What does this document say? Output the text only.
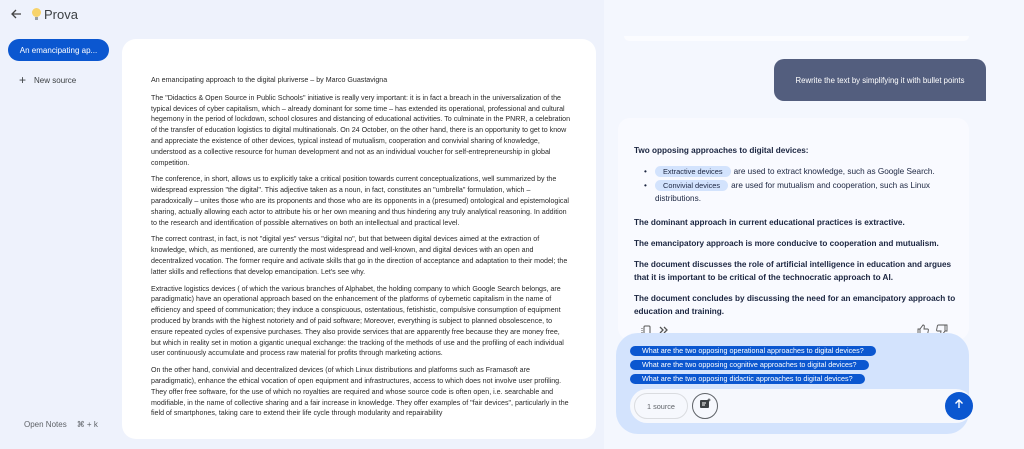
Prova
An emancipating ap...
+ New source
Open Notes ⌘ + k

An emancipating approach to the digital pluriverse – by Marco Guastavigna

The "Didactics & Open Source in Public Schools" initiative is really very important: it is in fact a breach in the universalization of the typical devices of cyber capitalism, which – already dominant for some time – has extended its operational, professional and cultural hegemony in the period of lockdown, school closures and distancing of educational activities. To culminate in the PNRR, a celebration of the transfer of education logistics to digital multinationals. On 24 October, on the other hand, there is an opportunity to get to know and appreciate the existence of other devices, typical instead of mutualism, cooperation and convivial sharing of knowledge, understood as a collective resource for human development and not as an individual voucher for self-entrepreneurship in global competition.

The conference, in short, allows us to explicitly take a critical position towards current conceptualizations, well summarized by the widespread expression "the digital". This adjective taken as a noun, in fact, constitutes an "umbrella" formulation, which – paradoxically – unites those who are its proponents and those who are its opponents in a (presumed) ontological and epistemological sharing, actually allowing each actor to attribute his or her own meaning and thus hindering any truly analytical reasoning. In addition to the research and identification of possible alternatives on both an intellectual and practical level.

The correct contrast, in fact, is not "digital yes" versus "digital no", but that between digital devices aimed at the extraction of knowledge, which, as mentioned, are currently the most widespread and well-known, and digital devices with an open and decentralized vocation. The former require and activate skills that go in the direction of acceptance and adaptation to their model; the latter skills and reflections that develop emancipation. Let's see why.

Extractive logistics devices ( of which the various branches of Alphabet, the holding company to which Google Search belongs, are paradigmatic) have an operational approach based on the enhancement of the platforms of cybernetic capitalism in the name of efficiency and speed of communication; they induce a conspicuous, ostentatious, fetishistic, compulsive consumption of equipment produced by brands with the highest notoriety and of paid software; Moreover, everything is subject to planned obsolescence, to ensure repeated cycles of expensive purchases. They also provide services that are apparently free because they are money free, but which in reality set in motion a gigantic unequal exchange: the tracking of the methods of use and the profiling of each individual user continuously accumulate and process raw material for profits through marketing actions.

On the other hand, convivial and decentralized devices (of which Linux distributions and platforms such as Framasoft are paradigmatic), enhance the ethical vocation of open equipment and infrastructures, access to which does not involve user profiling. They offer free software, for the use of which no royalties are required and whose source code is often open, i.e. searchable and modifiable, in the name of collective sharing and a fair increase in knowledge. They offer examples of "fair devices", particularly in the field of smartphones, taking care to extend their life cycle through modularity and repairability

Rewrite the text by simplifying it with bullet points
Two opposing approaches to digital devices:
• Extractive devices are used to extract knowledge, such as Google Search.
• Convivial devices are used for mutualism and cooperation, such as Linux distributions.
The dominant approach in current educational practices is extractive.
The emancipatory approach is more conducive to cooperation and mutualism.
The document discusses the role of artificial intelligence in education and argues that it is important to be critical of the technocratic approach to AI.
The document concludes by discussing the need for an emancipatory approach to education and training.
What are the two opposing operational approaches to digital devices?
What are the two opposing cognitive approaches to digital devices?
What are the two opposing didactic approaches to digital devices?
1 source
